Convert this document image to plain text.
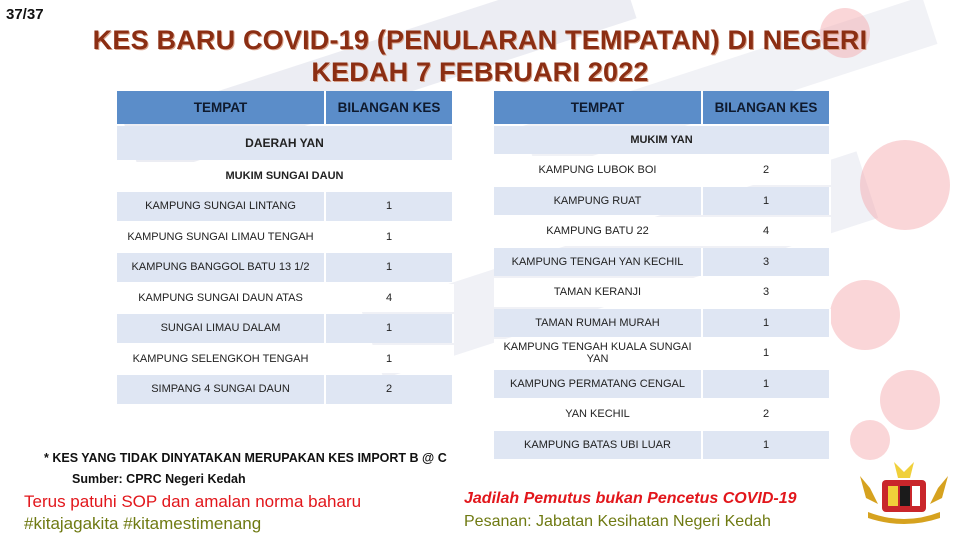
37/37
KES BARU COVID-19 (PENULARAN TEMPATAN) DI NEGERI
KEDAH 7 FEBRUARI 2022
TEMPAT	BILANGAN KES
DAERAH YAN	
MUKIM SUNGAI DAUN	
KAMPUNG SUNGAI LINTANG	1
KAMPUNG SUNGAI LIMAU TENGAH	1
KAMPUNG BANGGOL BATU 13 1/2	1
KAMPUNG SUNGAI DAUN ATAS	4
SUNGAI LIMAU DALAM	1
KAMPUNG SELENGKOH TENGAH	1
SIMPANG 4 SUNGAI DAUN	2
TEMPAT	BILANGAN KES
MUKIM YAN	
KAMPUNG LUBOK BOI	2
KAMPUNG RUAT	1
KAMPUNG BATU 22	4
KAMPUNG TENGAH YAN KECHIL	3
TAMAN KERANJI	3
TAMAN RUMAH MURAH	1
KAMPUNG TENGAH KUALA SUNGAI YAN	1
KAMPUNG PERMATANG CENGAL	1
YAN KECHIL	2
KAMPUNG BATAS UBI LUAR	1
* KES YANG TIDAK DINYATAKAN MERUPAKAN KES IMPORT B @ C
Sumber: CPRC Negeri Kedah
Terus patuhi SOP dan amalan norma baharu
#kitajagakita #kitamestimenang
Jadilah Pemutus bukan Pencetus COVID-19
Pesanan: Jabatan Kesihatan Negeri Kedah
